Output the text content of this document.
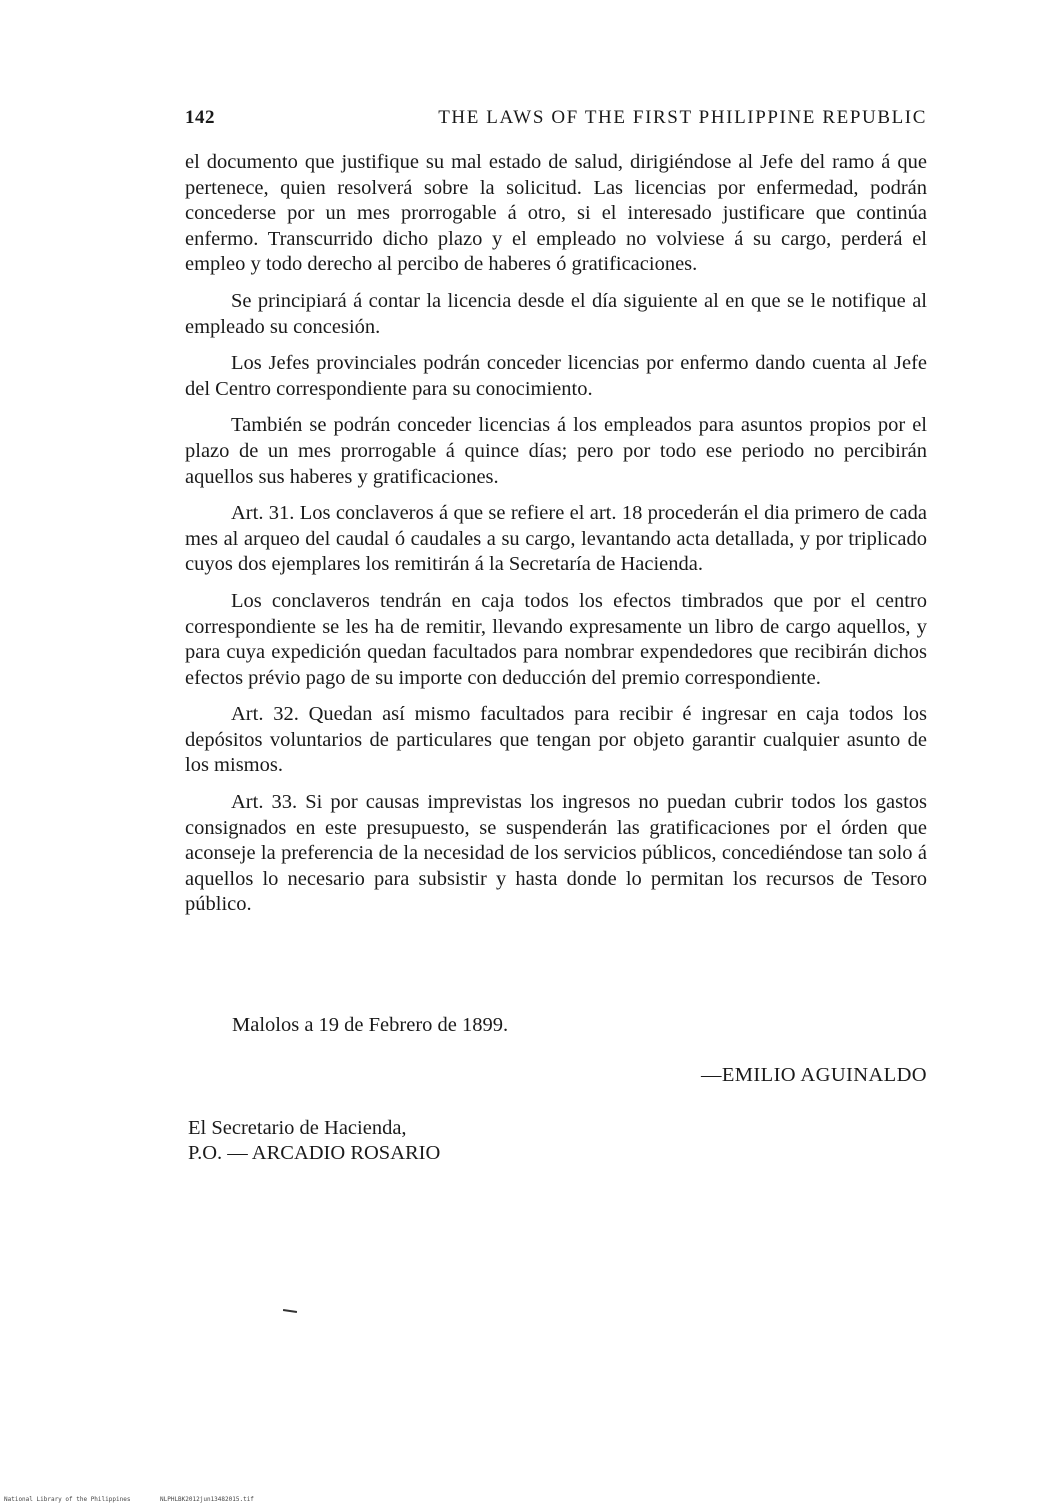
142	THE LAWS OF THE FIRST PHILIPPINE REPUBLIC

el documento que justifique su mal estado de salud, dirigiéndose al Jefe del ramo á que pertenece, quien resolverá sobre la solicitud. Las licencias por enfermedad, podrán concederse por un mes prorrogable á otro, si el interesado justificare que continúa enfermo. Transcurrido dicho plazo y el empleado no volviese á su cargo, perderá el empleo y todo derecho al percibo de haberes ó gratificaciones.

Se principiará á contar la licencia desde el día siguiente al en que se le notifique al empleado su concesión.

Los Jefes provinciales podrán conceder licencias por enfermo dando cuenta al Jefe del Centro correspondiente para su conocimiento.

También se podrán conceder licencias á los empleados para asuntos propios por el plazo de un mes prorrogable á quince días; pero por todo ese periodo no percibirán aquellos sus haberes y gratificaciones.

Art. 31. Los conclaveros á que se refiere el art. 18 procederán el dia primero de cada mes al arqueo del caudal ó caudales a su cargo, levantando acta detallada, y por triplicado cuyos dos ejemplares los remitirán á la Secretaría de Hacienda.

Los conclaveros tendrán en caja todos los efectos timbrados que por el centro correspondiente se les ha de remitir, llevando expresamente un libro de cargo aquellos, y para cuya expedición quedan facultados para nombrar expendedores que recibirán dichos efectos prévio pago de su importe con deducción del premio correspondiente.

Art. 32. Quedan así mismo facultados para recibir é ingresar en caja todos los depósitos voluntarios de particulares que tengan por objeto garantir cualquier asunto de los mismos.

Art. 33. Si por causas imprevistas los ingresos no puedan cubrir todos los gastos consignados en este presupuesto, se suspenderán las gratificaciones por el órden que aconseje la preferencia de la necesidad de los servicios públicos, concediéndose tan solo á aquellos lo necesario para subsistir y hasta donde lo permitan los recursos de Tesoro público.

Malolos a 19 de Febrero de 1899.
—EMILIO AGUINALDO
El Secretario de Hacienda,
P.O. — ARCADIO ROSARIO
National Library of the Philippines	NLPHLBK2012jun13482015.tif
